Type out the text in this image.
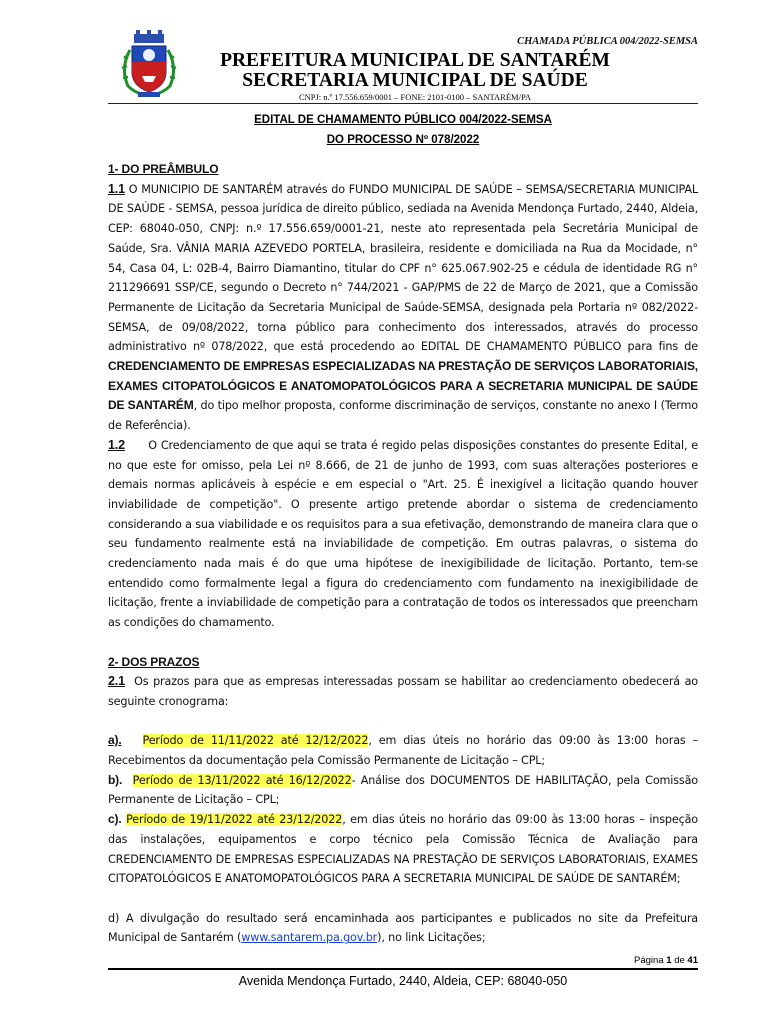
CHAMADA PÚBLICA 004/2022-SEMSA
PREFEITURA MUNICIPAL DE SANTARÉM
SECRETARIA MUNICIPAL DE SAÚDE
CNPJ: n.º 17.556.659/0001 – FONE: 2101-0100 – SANTARÉM/PA
EDITAL DE CHAMAMENTO PÚBLICO 004/2022-SEMSA
DO PROCESSO Nº 078/2022

1- DO PREÂMBULO

1.1 O MUNICIPIO DE SANTARÉM através do FUNDO MUNICIPAL DE SAÚDE – SEMSA/SECRETARIA MUNICIPAL DE SAÚDE - SEMSA, pessoa jurídica de direito público, sediada na Avenida Mendonça Furtado, 2440, Aldeia, CEP: 68040-050, CNPJ: n.º 17.556.659/0001-21, neste ato representada pela Secretária Municipal de Saúde, Sra. VÂNIA MARIA AZEVEDO PORTELA, brasileira, residente e domiciliada na Rua da Mocidade, n° 54, Casa 04, L: 02B-4, Bairro Diamantino, titular do CPF n° 625.067.902-25 e cédula de identidade RG n° 211296691 SSP/CE, segundo o Decreto n° 744/2021 - GAP/PMS de 22 de Março de 2021, que a Comissão Permanente de Licitação da Secretaria Municipal de Saúde-SEMSA, designada pela Portaria nº 082/2022-SEMSA, de 09/08/2022, torna público para conhecimento dos interessados, através do processo administrativo nº 078/2022, que está procedendo ao EDITAL DE CHAMAMENTO PÚBLICO para fins de CREDENCIAMENTO DE EMPRESAS ESPECIALIZADAS NA PRESTAÇÃO DE SERVIÇOS LABORATORIAIS, EXAMES CITOPATOLÓGICOS E ANATOMOPATOLÓGICOS PARA A SECRETARIA MUNICIPAL DE SAÚDE DE SANTARÉM, do tipo melhor proposta, conforme discriminação de serviços, constante no anexo I (Termo de Referência).

1.2      O Credenciamento de que aqui se trata é regido pelas disposições constantes do presente Edital, e no que este for omisso, pela Lei nº 8.666, de 21 de junho de 1993, com suas alterações posteriores e demais normas aplicáveis à espécie e em especial o "Art. 25. É inexigível a licitação quando houver inviabilidade de competição". O presente artigo pretende abordar o sistema de credenciamento considerando a sua viabilidade e os requisitos para a sua efetivação, demonstrando de maneira clara que o seu fundamento realmente está na inviabilidade de competição. Em outras palavras, o sistema do credenciamento nada mais é do que uma hipótese de inexigibilidade de licitação. Portanto, tem-se entendido como formalmente legal a figura do credenciamento com fundamento na inexigibilidade de licitação, frente a inviabilidade de competição para a contratação de todos os interessados que preencham as condições do chamamento.

2- DOS PRAZOS

2.1  Os prazos para que as empresas interessadas possam se habilitar ao credenciamento obedecerá ao seguinte cronograma:

a). Período de 11/11/2022 até 12/12/2022, em dias úteis no horário das 09:00 às 13:00 horas – Recebimentos da documentação pela Comissão Permanente de Licitação – CPL;

b). Período de 13/11/2022 até 16/12/2022- Análise dos DOCUMENTOS DE HABILITAÇÃO, pela Comissão Permanente de Licitação – CPL;

c). Período de 19/11/2022 até 23/12/2022, em dias úteis no horário das 09:00 às 13:00 horas – inspeção das instalações, equipamentos e corpo técnico pela Comissão Técnica de Avaliação para CREDENCIAMENTO DE EMPRESAS ESPECIALIZADAS NA PRESTAÇÃO DE SERVIÇOS LABORATORIAIS, EXAMES CITOPATOLÓGICOS E ANATOMOPATOLÓGICOS PARA A SECRETARIA MUNICIPAL DE SAÚDE DE SANTARÉM;

d) A divulgação do resultado será encaminhada aos participantes e publicados no site da Prefeitura Municipal de Santarém (www.santarem.pa.gov.br), no link Licitações;

Página 1 de 41
Avenida Mendonça Furtado, 2440, Aldeia, CEP: 68040-050
